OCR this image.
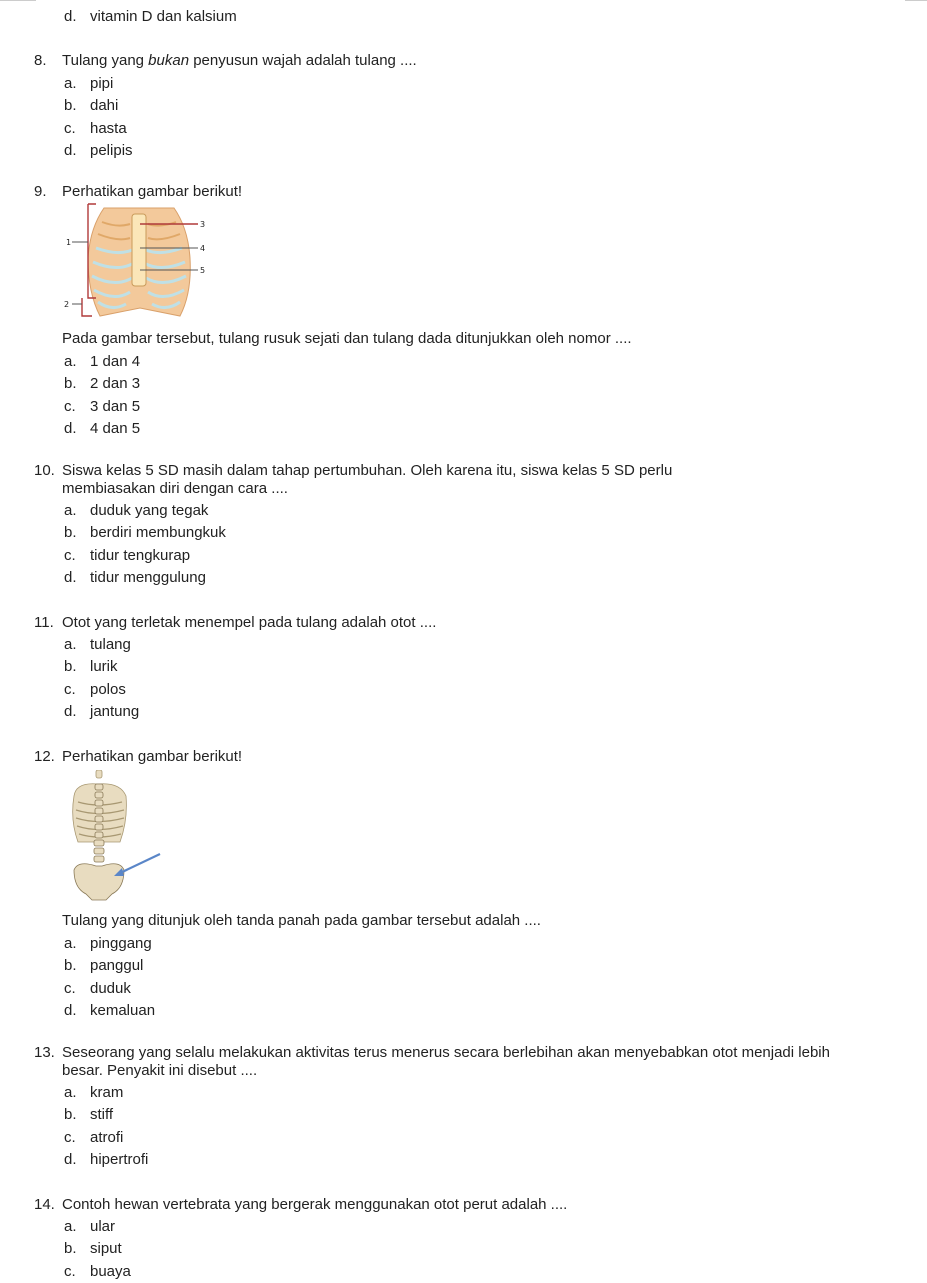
d. vitamin D dan kalsium
8. Tulang yang bukan penyusun wajah adalah tulang ....
a. pipi
b. dahi
c. hasta
d. pelipis
9. Perhatikan gambar berikut!
1
2
3
4
5
Pada gambar tersebut, tulang rusuk sejati dan tulang dada ditunjukkan oleh nomor ....
a. 1 dan 4
b. 2 dan 3
c. 3 dan 5
d. 4 dan 5
10. Siswa kelas 5 SD masih dalam tahap pertumbuhan. Oleh karena itu, siswa kelas 5 SD perlu membiasakan diri dengan cara ....
a. duduk yang tegak
b. berdiri membungkuk
c. tidur tengkurap
d. tidur menggulung
11. Otot yang terletak menempel pada tulang adalah otot ....
a. tulang
b. lurik
c. polos
d. jantung
12. Perhatikan gambar berikut!
Tulang yang ditunjuk oleh tanda panah pada gambar tersebut adalah ....
a. pinggang
b. panggul
c. duduk
d. kemaluan
13. Seseorang yang selalu melakukan aktivitas terus menerus secara berlebihan akan menyebabkan otot menjadi lebih besar. Penyakit ini disebut ....
a. kram
b. stiff
c. atrofi
d. hipertrofi
14. Contoh hewan vertebrata yang bergerak menggunakan otot perut adalah ....
a. ular
b. siput
c. buaya
